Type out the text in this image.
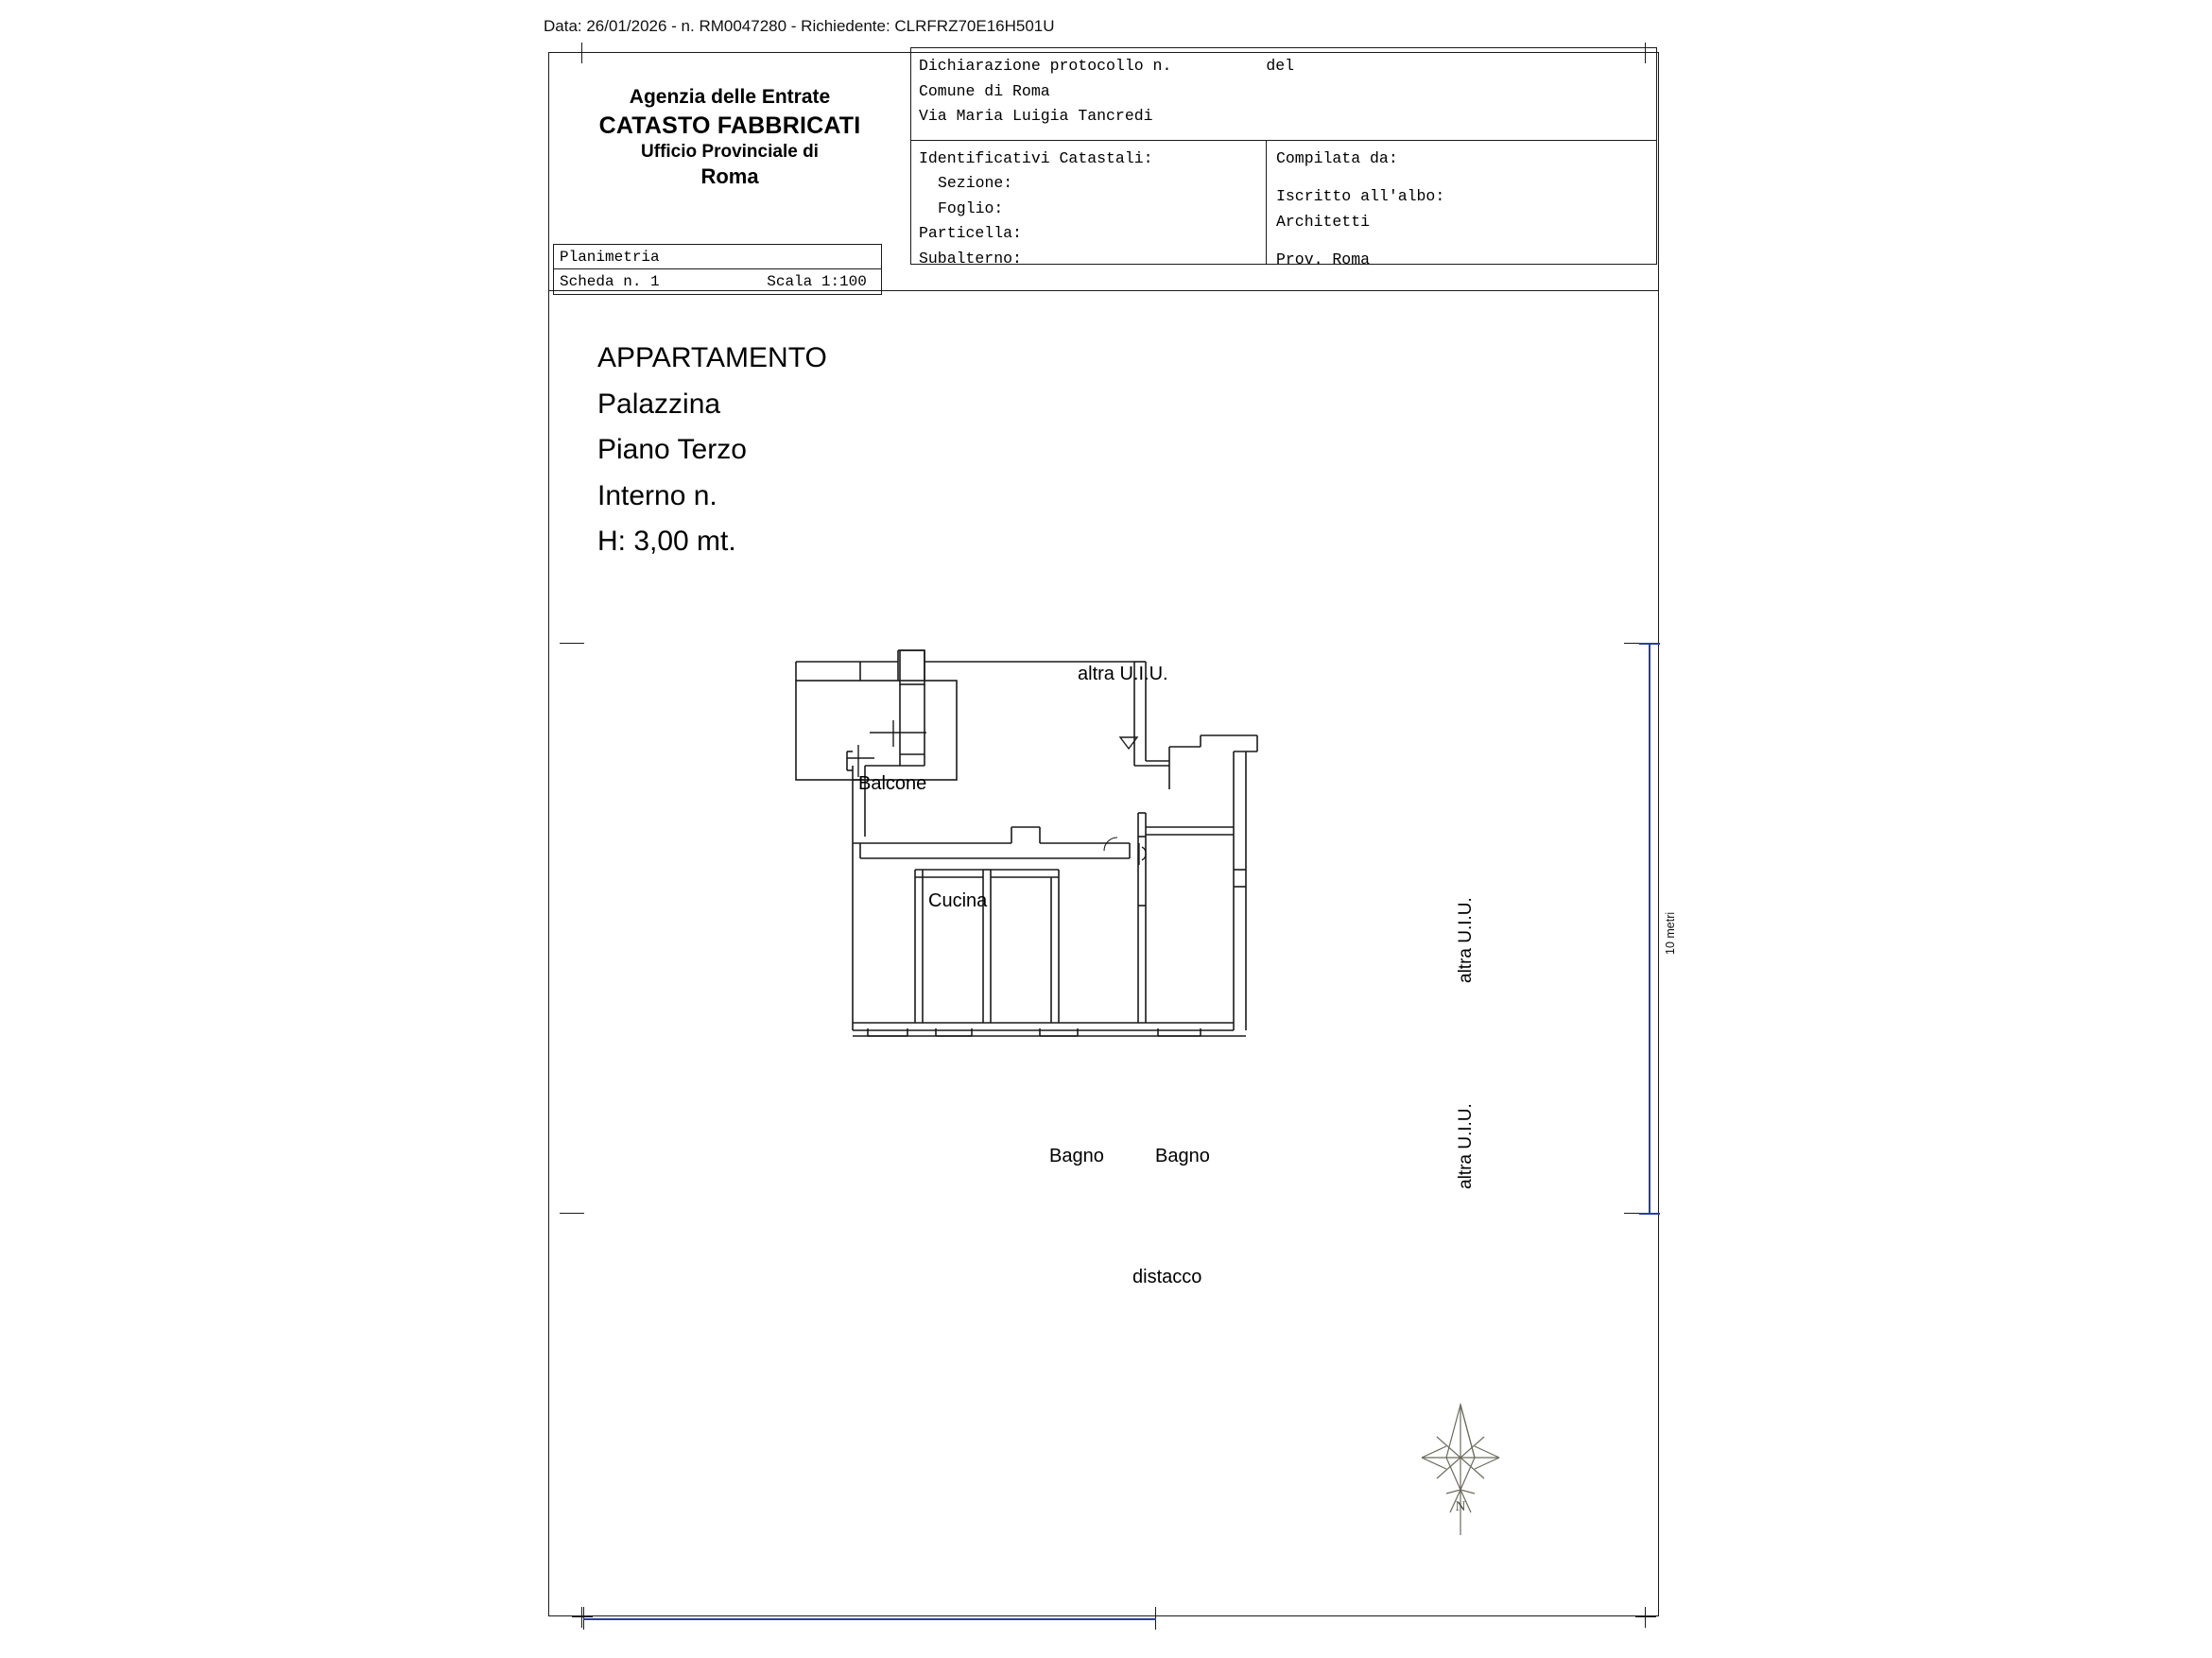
Data: 26/01/2026 - n. RM0047280 - Richiedente: CLRFRZ70E16H501U
Agenzia delle Entrate
CATASTO FABBRICATI
Ufficio Provinciale di
Roma
Planimetria
Scheda n. 1	Scala 1:100
Dichiarazione protocollo n.	del
Comune di Roma
Via Maria Luigia Tancredi
Identificativi Catastali:
Sezione:
Foglio:
Particella:
Subalterno:
Compilata da:
Iscritto all'albo:
Architetti
Prov. Roma
APPARTAMENTO
Palazzina
Piano Terzo
Interno n.
H: 3,00 mt.
10 metri
altra U.I.U.
Balcone
Cucina
Bagno	Bagno
distacco
altra U.I.U.
altra U.I.U.
N
